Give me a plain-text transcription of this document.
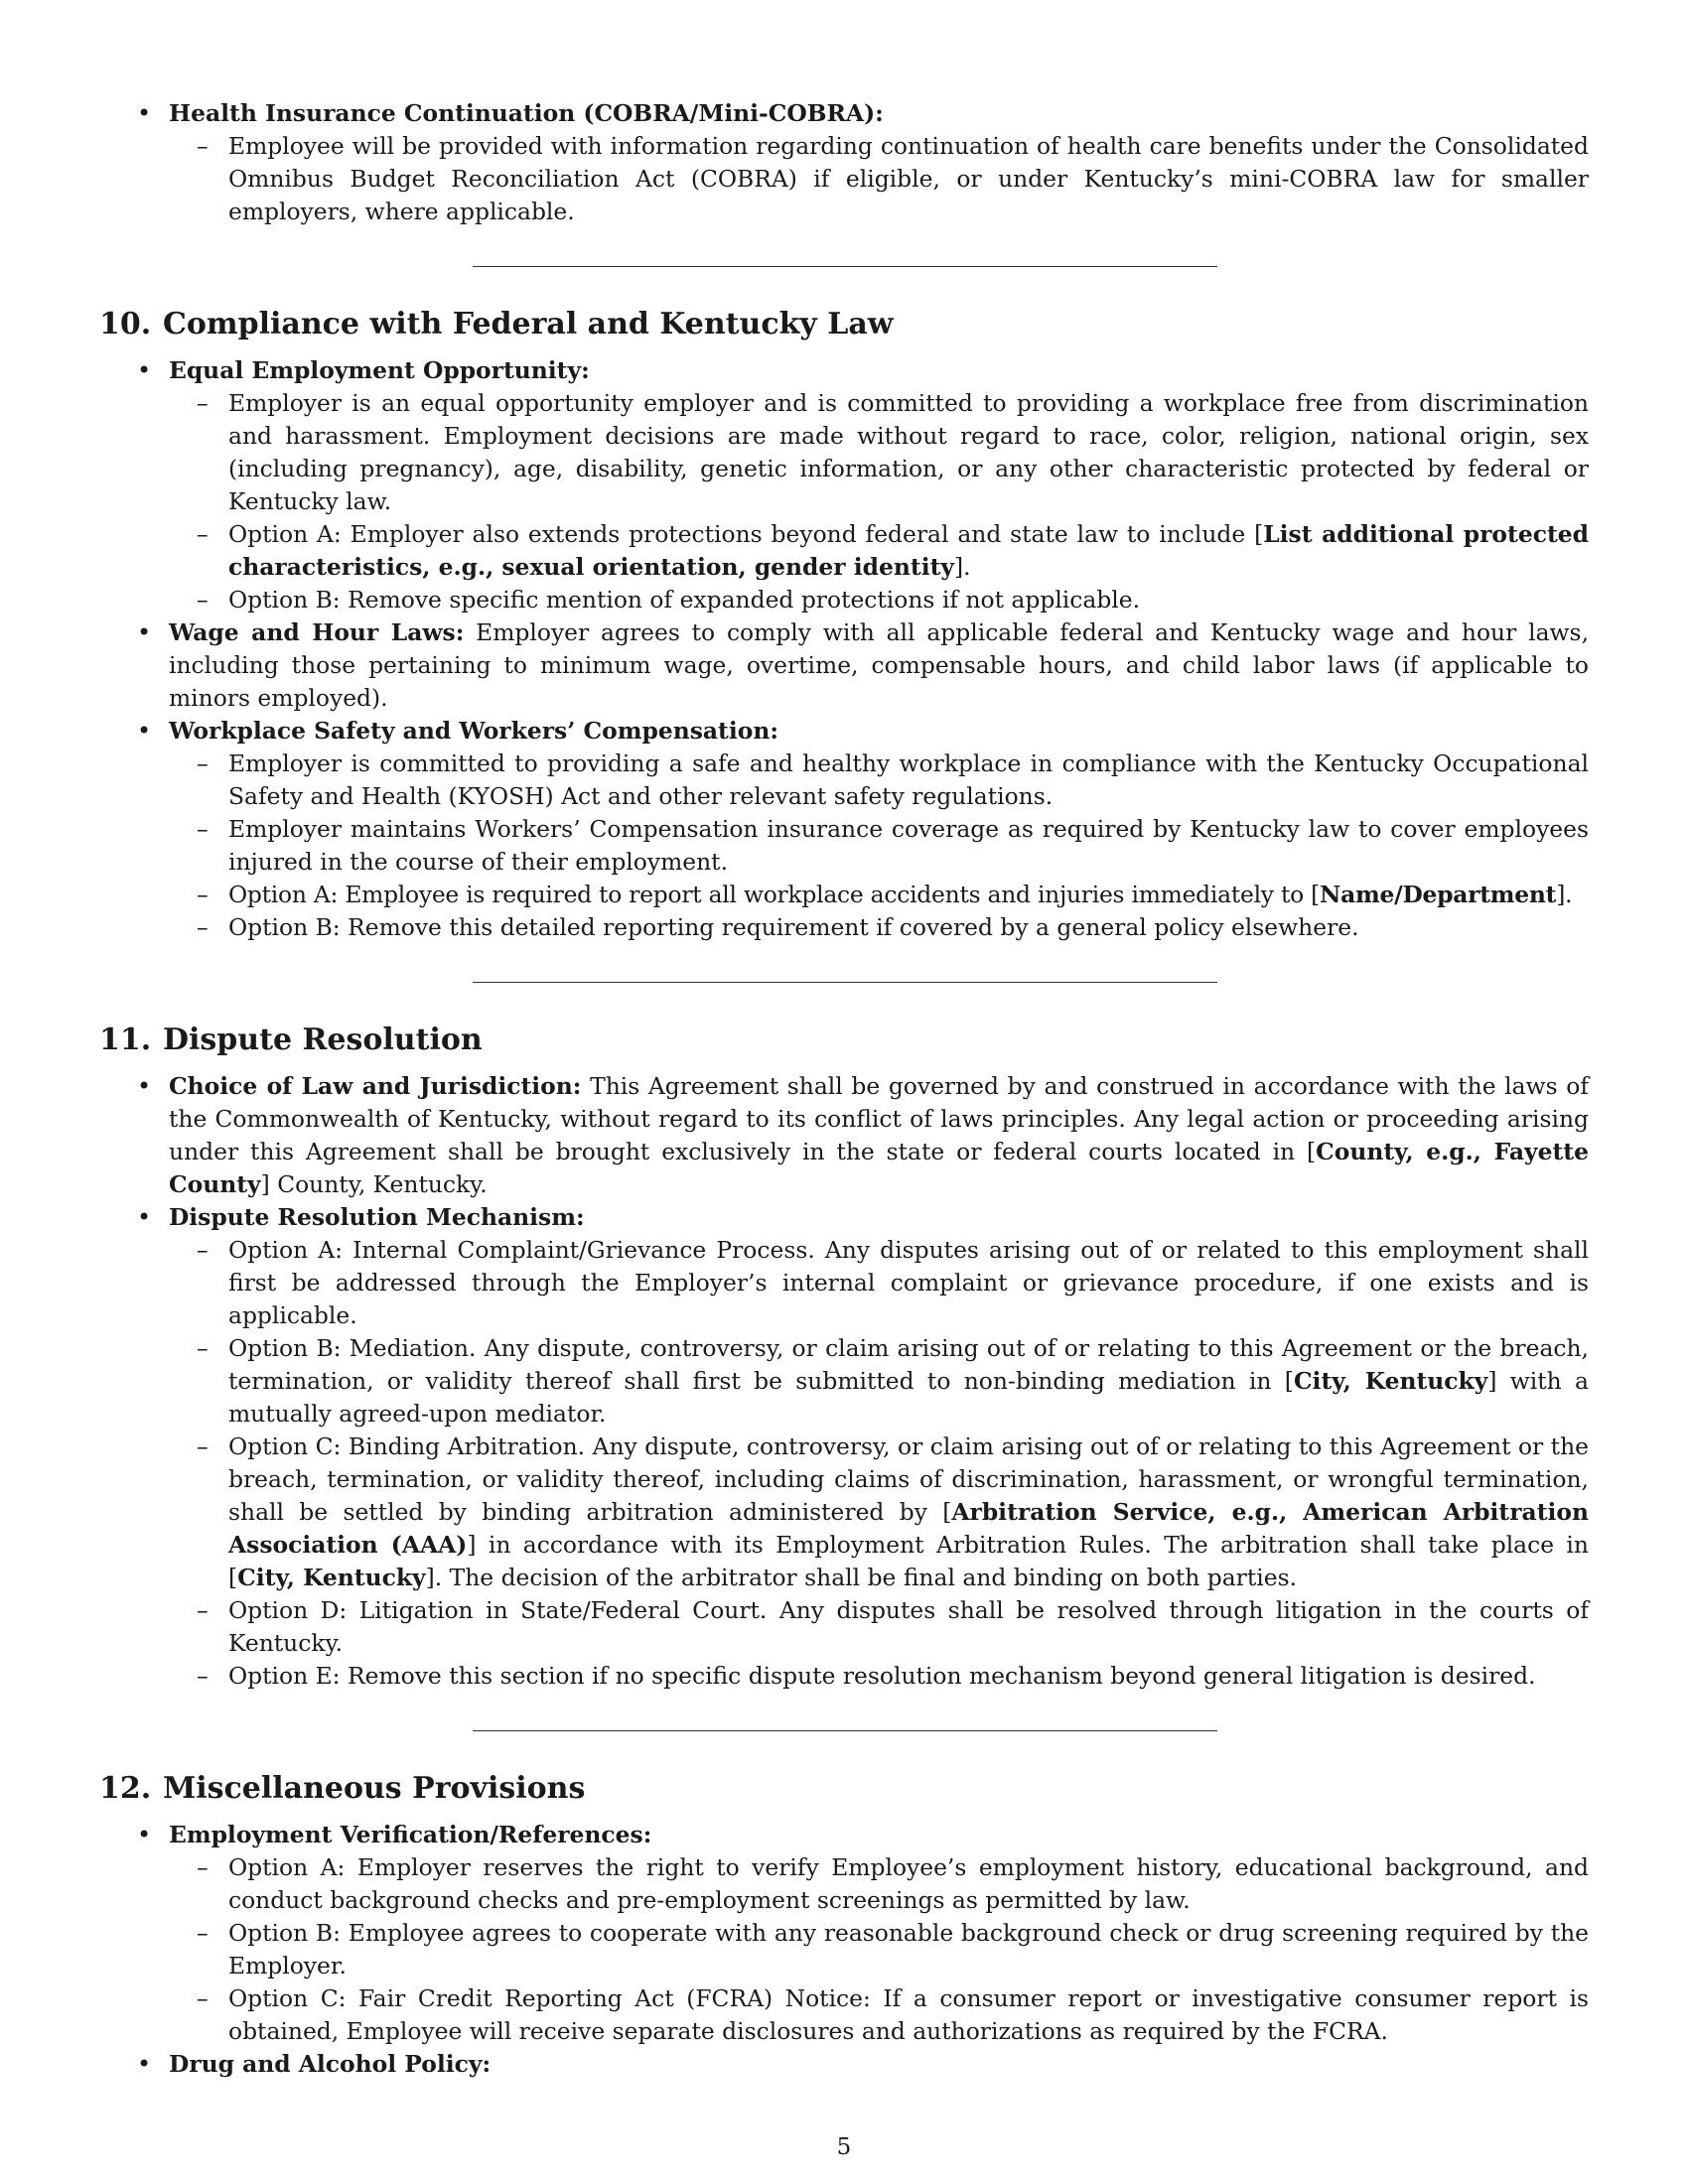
• Health Insurance Continuation (COBRA/Mini-COBRA):
– Employee will be provided with information regarding continuation of health care benefits under the Consolidated Omnibus Budget Reconciliation Act (COBRA) if eligible, or under Kentucky’s mini-COBRA law for smaller employers, where applicable.
10. Compliance with Federal and Kentucky Law
• Equal Employment Opportunity:
– Employer is an equal opportunity employer and is committed to providing a workplace free from discrimination and harassment. Employment decisions are made without regard to race, color, religion, national origin, sex (including pregnancy), age, disability, genetic information, or any other characteristic protected by federal or Kentucky law.
– Option A: Employer also extends protections beyond federal and state law to include [List additional protected characteristics, e.g., sexual orientation, gender identity].
– Option B: Remove specific mention of expanded protections if not applicable.
• Wage and Hour Laws: Employer agrees to comply with all applicable federal and Kentucky wage and hour laws, including those pertaining to minimum wage, overtime, compensable hours, and child labor laws (if applicable to minors employed).
• Workplace Safety and Workers’ Compensation:
– Employer is committed to providing a safe and healthy workplace in compliance with the Kentucky Occupational Safety and Health (KYOSH) Act and other relevant safety regulations.
– Employer maintains Workers’ Compensation insurance coverage as required by Kentucky law to cover employees injured in the course of their employment.
– Option A: Employee is required to report all workplace accidents and injuries immediately to [Name/Department].
– Option B: Remove this detailed reporting requirement if covered by a general policy elsewhere.
11. Dispute Resolution
• Choice of Law and Jurisdiction: This Agreement shall be governed by and construed in accordance with the laws of the Commonwealth of Kentucky, without regard to its conflict of laws principles. Any legal action or proceeding arising under this Agreement shall be brought exclusively in the state or federal courts located in [County, e.g., Fayette County] County, Kentucky.
• Dispute Resolution Mechanism:
– Option A: Internal Complaint/Grievance Process. Any disputes arising out of or related to this employment shall first be addressed through the Employer’s internal complaint or grievance procedure, if one exists and is applicable.
– Option B: Mediation. Any dispute, controversy, or claim arising out of or relating to this Agreement or the breach, termination, or validity thereof shall first be submitted to non-binding mediation in [City, Kentucky] with a mutually agreed-upon mediator.
– Option C: Binding Arbitration. Any dispute, controversy, or claim arising out of or relating to this Agreement or the breach, termination, or validity thereof, including claims of discrimination, harassment, or wrongful termination, shall be settled by binding arbitration administered by [Arbitration Service, e.g., American Arbitration Association (AAA)] in accordance with its Employment Arbitration Rules. The arbitration shall take place in [City, Kentucky]. The decision of the arbitrator shall be final and binding on both parties.
– Option D: Litigation in State/Federal Court. Any disputes shall be resolved through litigation in the courts of Kentucky.
– Option E: Remove this section if no specific dispute resolution mechanism beyond general litigation is desired.
12. Miscellaneous Provisions
• Employment Verification/References:
– Option A: Employer reserves the right to verify Employee’s employment history, educational background, and conduct background checks and pre-employment screenings as permitted by law.
– Option B: Employee agrees to cooperate with any reasonable background check or drug screening required by the Employer.
– Option C: Fair Credit Reporting Act (FCRA) Notice: If a consumer report or investigative consumer report is obtained, Employee will receive separate disclosures and authorizations as required by the FCRA.
• Drug and Alcohol Policy:
5
